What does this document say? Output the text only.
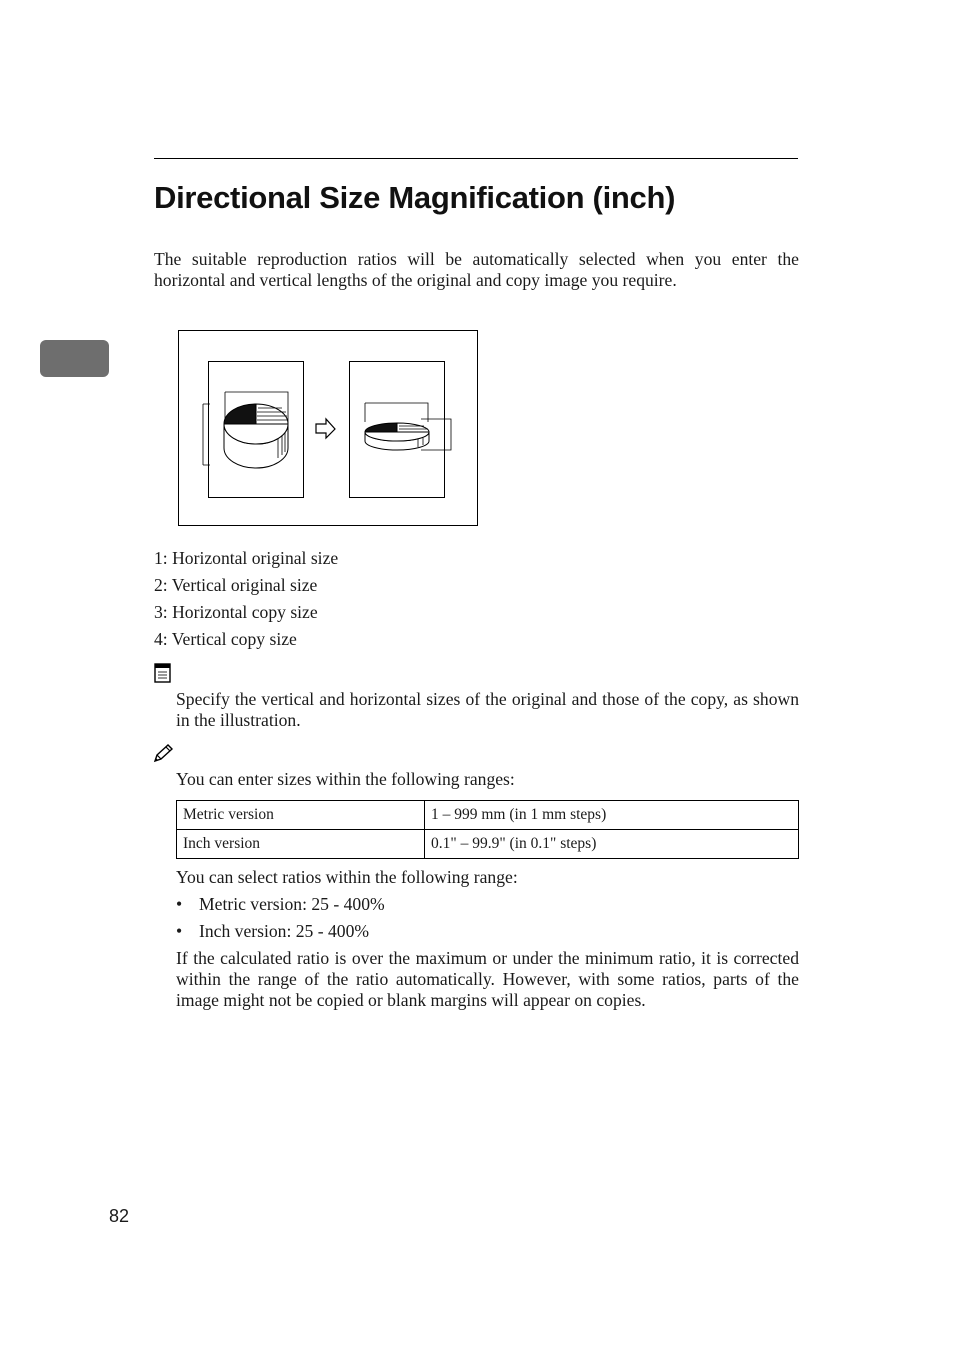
Directional Size Magnification (inch)
The suitable reproduction ratios will be automatically selected when you enter the horizontal and vertical lengths of the original and copy image you require.
1: Horizontal original size
2: Vertical original size
3: Horizontal copy size
4: Vertical copy size
Specify the vertical and horizontal sizes of the original and those of the copy, as shown in the illustration.
You can enter sizes within the following ranges:
Metric version	1 – 999 mm (in 1 mm steps)
Inch version	0.1" – 99.9" (in 0.1" steps)
You can select ratios within the following range:
• Metric version: 25 - 400%
• Inch version: 25 - 400%
If the calculated ratio is over the maximum or under the minimum ratio, it is corrected within the range of the ratio automatically. However, with some ratios, parts of the image might not be copied or blank margins will appear on copies.
82
